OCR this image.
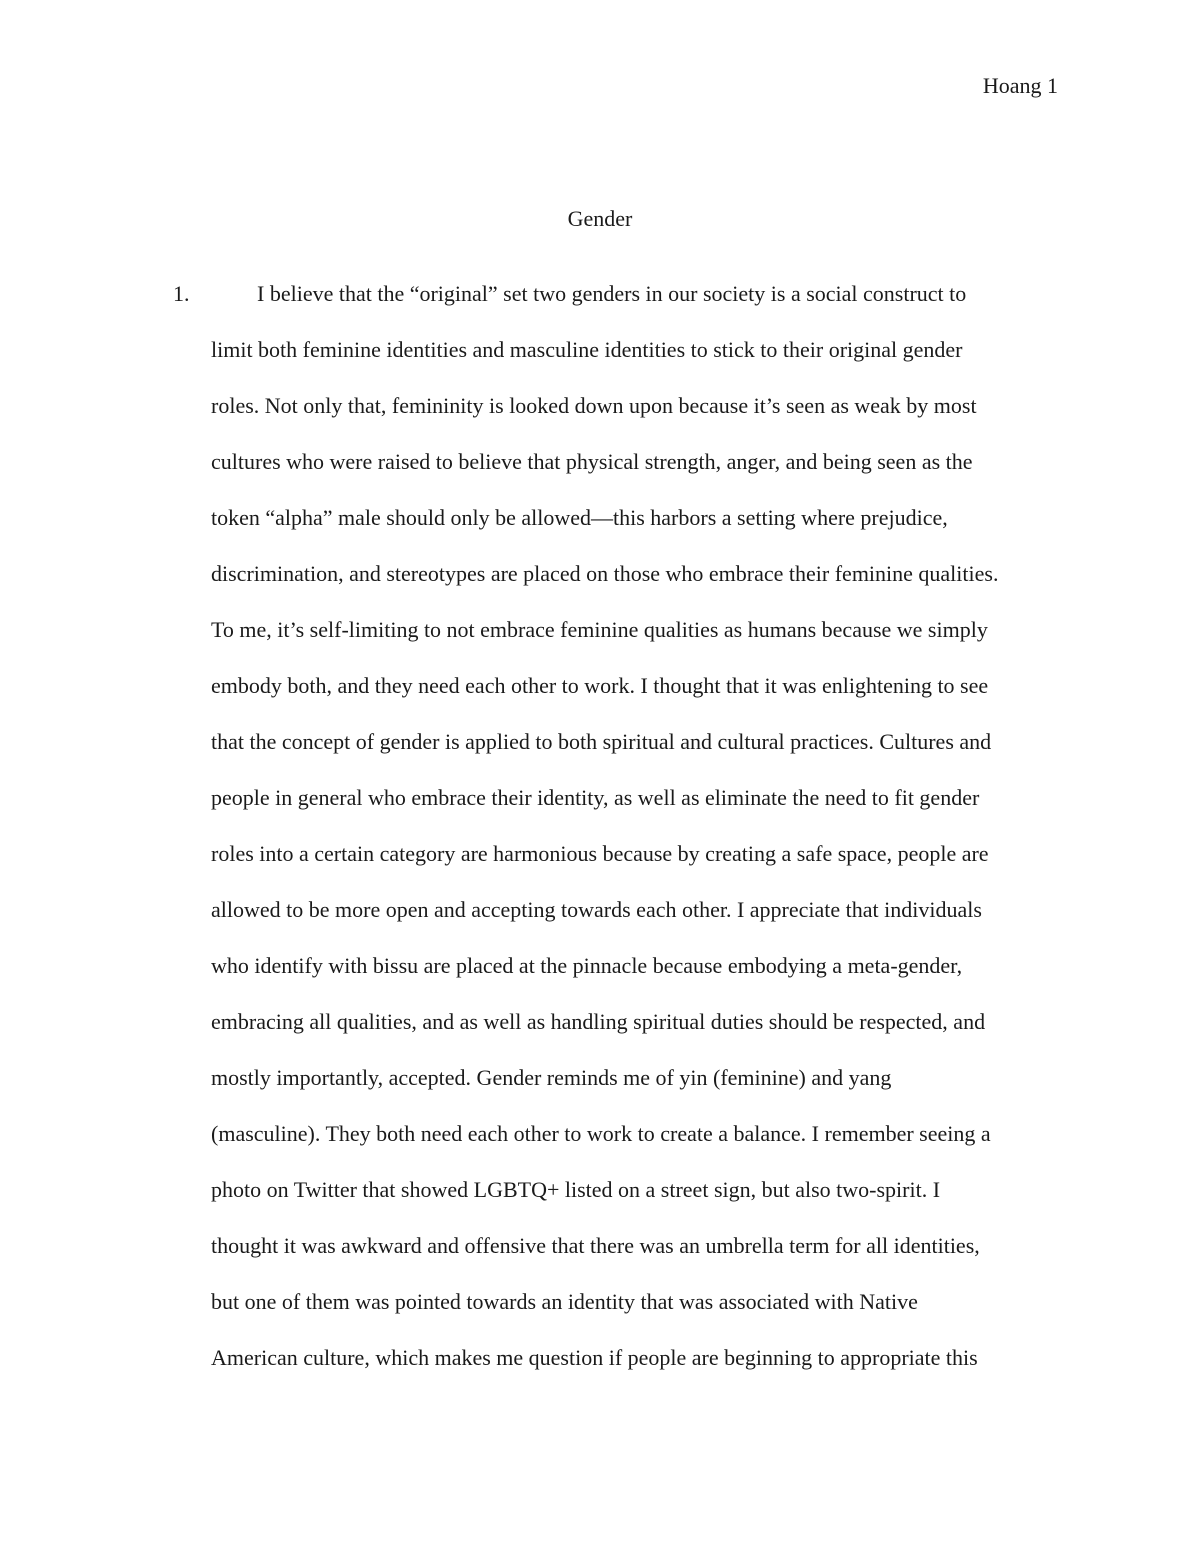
Hoang 1
Gender
1.	I believe that the “original” set two genders in our society is a social construct to
limit both feminine identities and masculine identities to stick to their original gender
roles. Not only that, femininity is looked down upon because it’s seen as weak by most
cultures who were raised to believe that physical strength, anger, and being seen as the
token “alpha” male should only be allowed—this harbors a setting where prejudice,
discrimination, and stereotypes are placed on those who embrace their feminine qualities.
To me, it’s self-limiting to not embrace feminine qualities as humans because we simply
embody both, and they need each other to work. I thought that it was enlightening to see
that the concept of gender is applied to both spiritual and cultural practices. Cultures and
people in general who embrace their identity, as well as eliminate the need to fit gender
roles into a certain category are harmonious because by creating a safe space, people are
allowed to be more open and accepting towards each other. I appreciate that individuals
who identify with bissu are placed at the pinnacle because embodying a meta-gender,
embracing all qualities, and as well as handling spiritual duties should be respected, and
mostly importantly, accepted. Gender reminds me of yin (feminine) and yang
(masculine). They both need each other to work to create a balance. I remember seeing a
photo on Twitter that showed LGBTQ+ listed on a street sign, but also two-spirit. I
thought it was awkward and offensive that there was an umbrella term for all identities,
but one of them was pointed towards an identity that was associated with Native
American culture, which makes me question if people are beginning to appropriate this
